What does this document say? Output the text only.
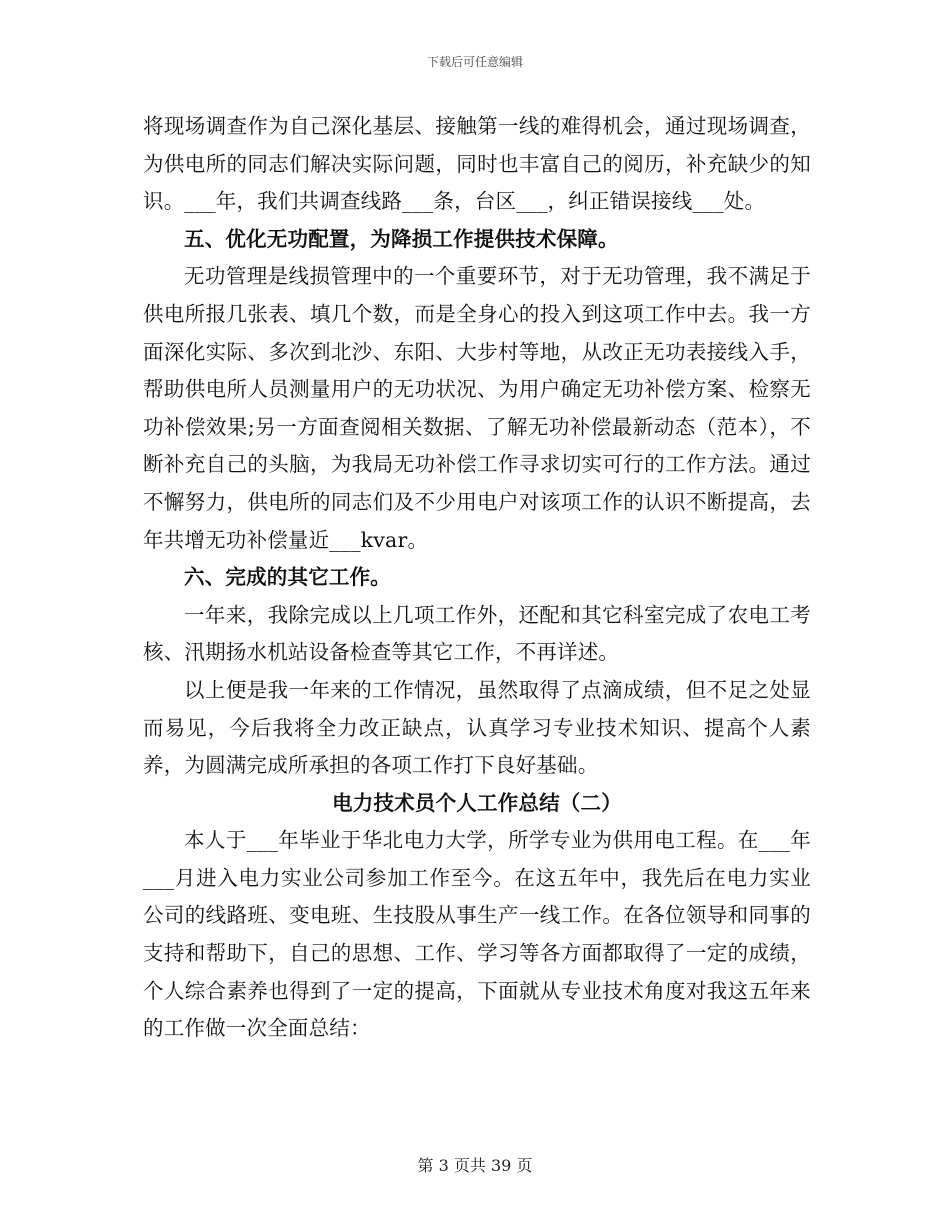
下载后可任意编辑

将现场调查作为自己深化基层、接触第一线的难得机会，通过现场调查，为供电所的同志们解决实际问题，同时也丰富自己的阅历，补充缺少的知识。___年，我们共调查线路___条，台区___，纠正错误接线___处。

五、优化无功配置，为降损工作提供技术保障。

无功管理是线损管理中的一个重要环节，对于无功管理，我不满足于供电所报几张表、填几个数，而是全身心的投入到这项工作中去。我一方面深化实际、多次到北沙、东阳、大步村等地，从改正无功表接线入手，帮助供电所人员测量用户的无功状况、为用户确定无功补偿方案、检察无功补偿效果;另一方面查阅相关数据、了解无功补偿最新动态（范本），不断补充自己的头脑，为我局无功补偿工作寻求切实可行的工作方法。通过不懈努力，供电所的同志们及不少用电户对该项工作的认识不断提高，去年共增无功补偿量近___kvar。

六、完成的其它工作。

一年来，我除完成以上几项工作外，还配和其它科室完成了农电工考核、汛期扬水机站设备检查等其它工作，不再详述。

以上便是我一年来的工作情况，虽然取得了点滴成绩，但不足之处显而易见，今后我将全力改正缺点，认真学习专业技术知识、提高个人素养，为圆满完成所承担的各项工作打下良好基础。

电力技术员个人工作总结（二）

本人于___年毕业于华北电力大学，所学专业为供用电工程。在___年___月进入电力实业公司参加工作至今。在这五年中，我先后在电力实业公司的线路班、变电班、生技股从事生产一线工作。在各位领导和同事的支持和帮助下，自己的思想、工作、学习等各方面都取得了一定的成绩，个人综合素养也得到了一定的提高，下面就从专业技术角度对我这五年来的工作做一次全面总结：

第 3 页共 39 页
